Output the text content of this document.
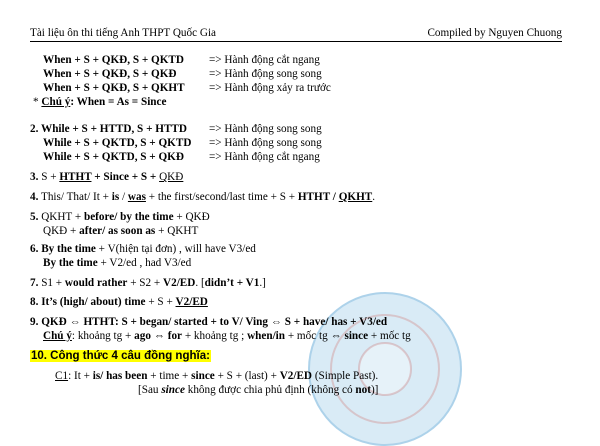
Tài liệu ôn thi tiếng Anh THPT Quốc Gia	Compiled by Nguyen Chuong
When + S + QKĐ, S + QKTD => Hành động cắt ngang
When + S + QKĐ, S + QKĐ	=> Hành động song song
When + S + QKĐ, S + QKHT => Hành động xảy ra trước
* Chú ý: When = As = Since
2. While + S + HTTD, S + HTTD => Hành động song song
While + S + QKTD, S + QKTD => Hành động song song
While + S + QKTD, S + QKĐ => Hành động cắt ngang
3. S + HTHT + Since + S + QKĐ
4. This/ That/ It + is / was + the first/second/last time + S + HTHT / QKHT.
5. QKHT + before/ by the time + QKĐ
QKĐ + after/ as soon as + QKHT
6. By the time + V(hiện tại đơn) , will have V3/ed
By the time + V2/ed , had V3/ed
7. S1 + would rather + S2 + V2/ED. [didn’t + V1.]
8. It’s (high/ about) time + S + V2/ED
9. QKĐ ⇔ HTHT: S + began/ started + to V/ Ving ⇔ S + have/ has + V3/ed
Chú ý: khoảng tg + ago ⇔ for + khoảng tg ; when/in + mốc tg ⇔ since + mốc tg
10. Công thức 4 câu đồng nghĩa:
C1: It + is/ has been + time + since + S + (last) + V2/ED (Simple Past).
[Sau since không được chia phủ định (không có not)]
